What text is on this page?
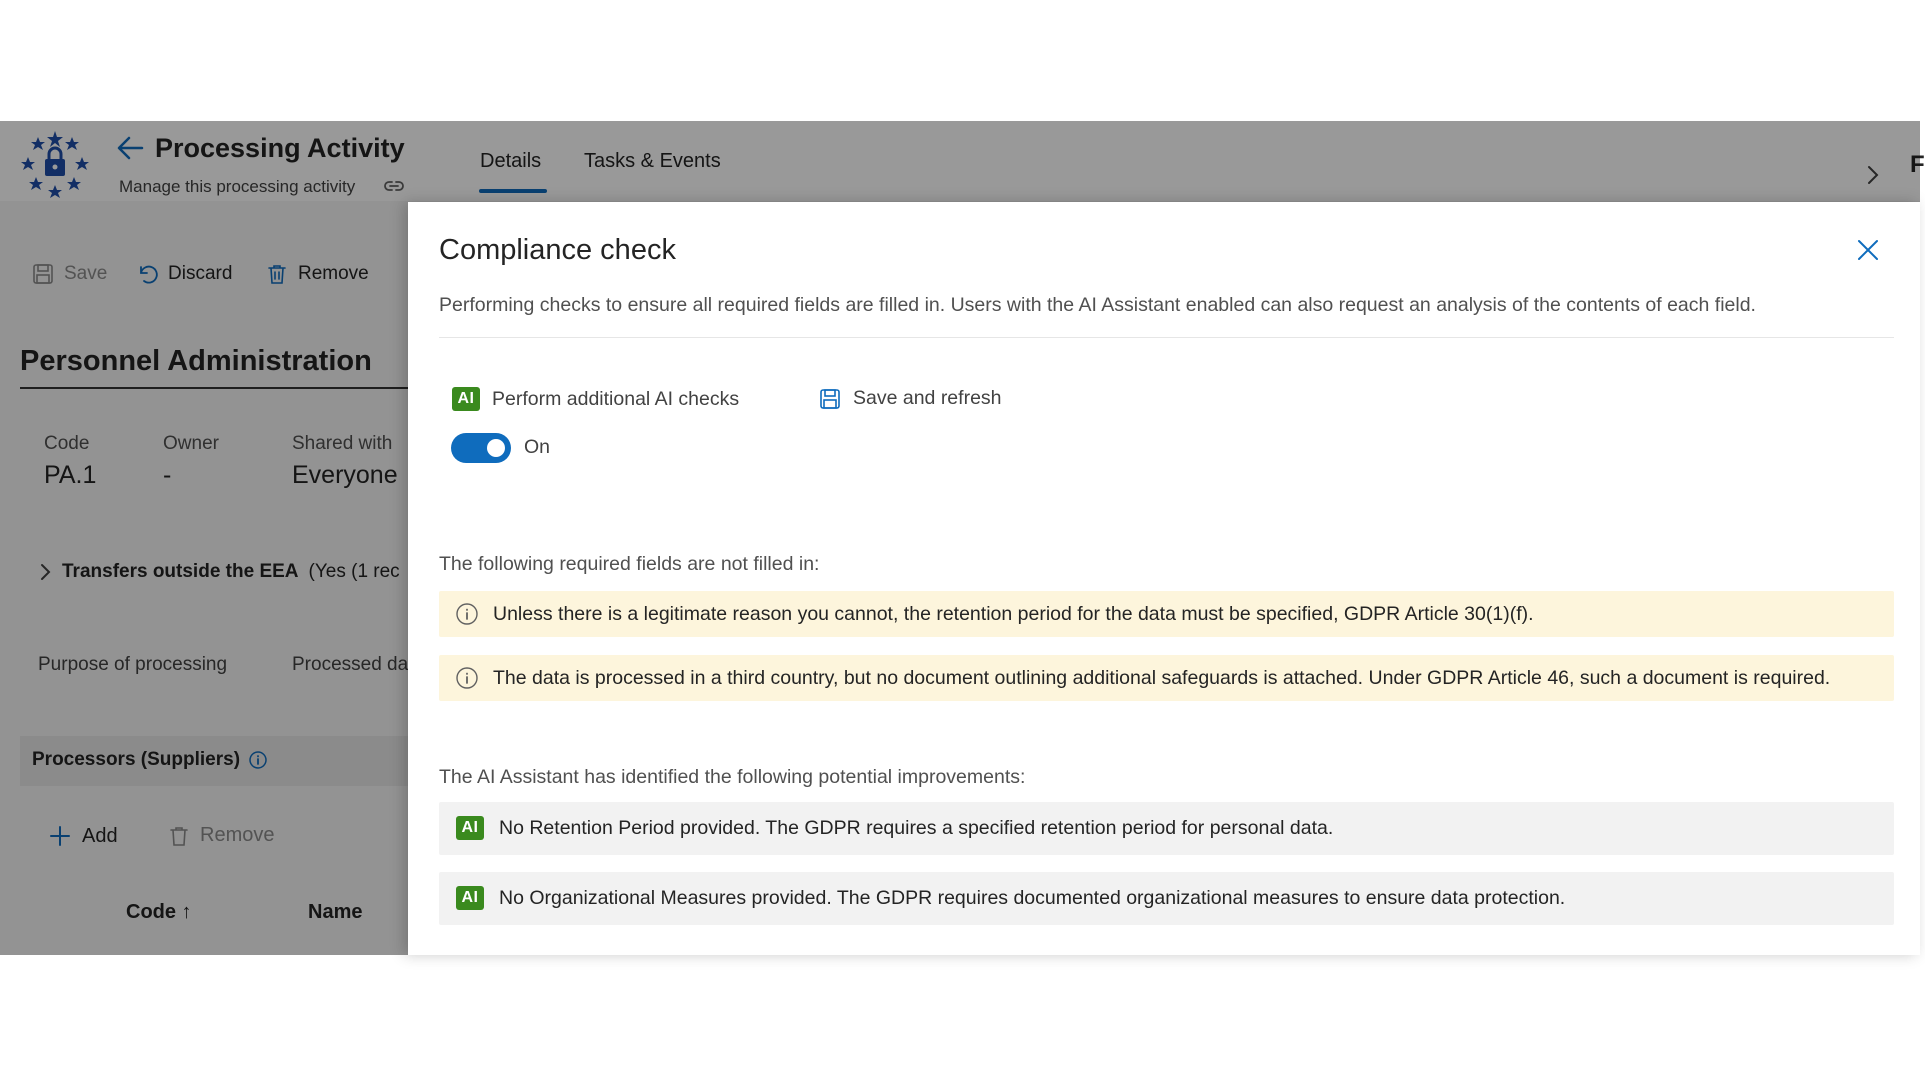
Processing Activity
Manage this processing activity
Details Tasks & Events	F
Save	Discard	Remove
Personnel Administration
Code
PA.1
Owner
-
Shared with
Everyone
Transfers outside the EEA (Yes (1 rec
Purpose of processing	Processed da
Processors (Suppliers)
Add	Remove
Code ↑	Name
Compliance check
Performing checks to ensure all required fields are filled in. Users with the AI Assistant enabled can also request an analysis of the contents of each field.
AI Perform additional AI checks	Save and refresh
On
The following required fields are not filled in:
Unless there is a legitimate reason you cannot, the retention period for the data must be specified, GDPR Article 30(1)(f).
The data is processed in a third country, but no document outlining additional safeguards is attached. Under GDPR Article 46, such a document is required.
The AI Assistant has identified the following potential improvements:
AI No Retention Period provided. The GDPR requires a specified retention period for personal data.
AI No Organizational Measures provided. The GDPR requires documented organizational measures to ensure data protection.
